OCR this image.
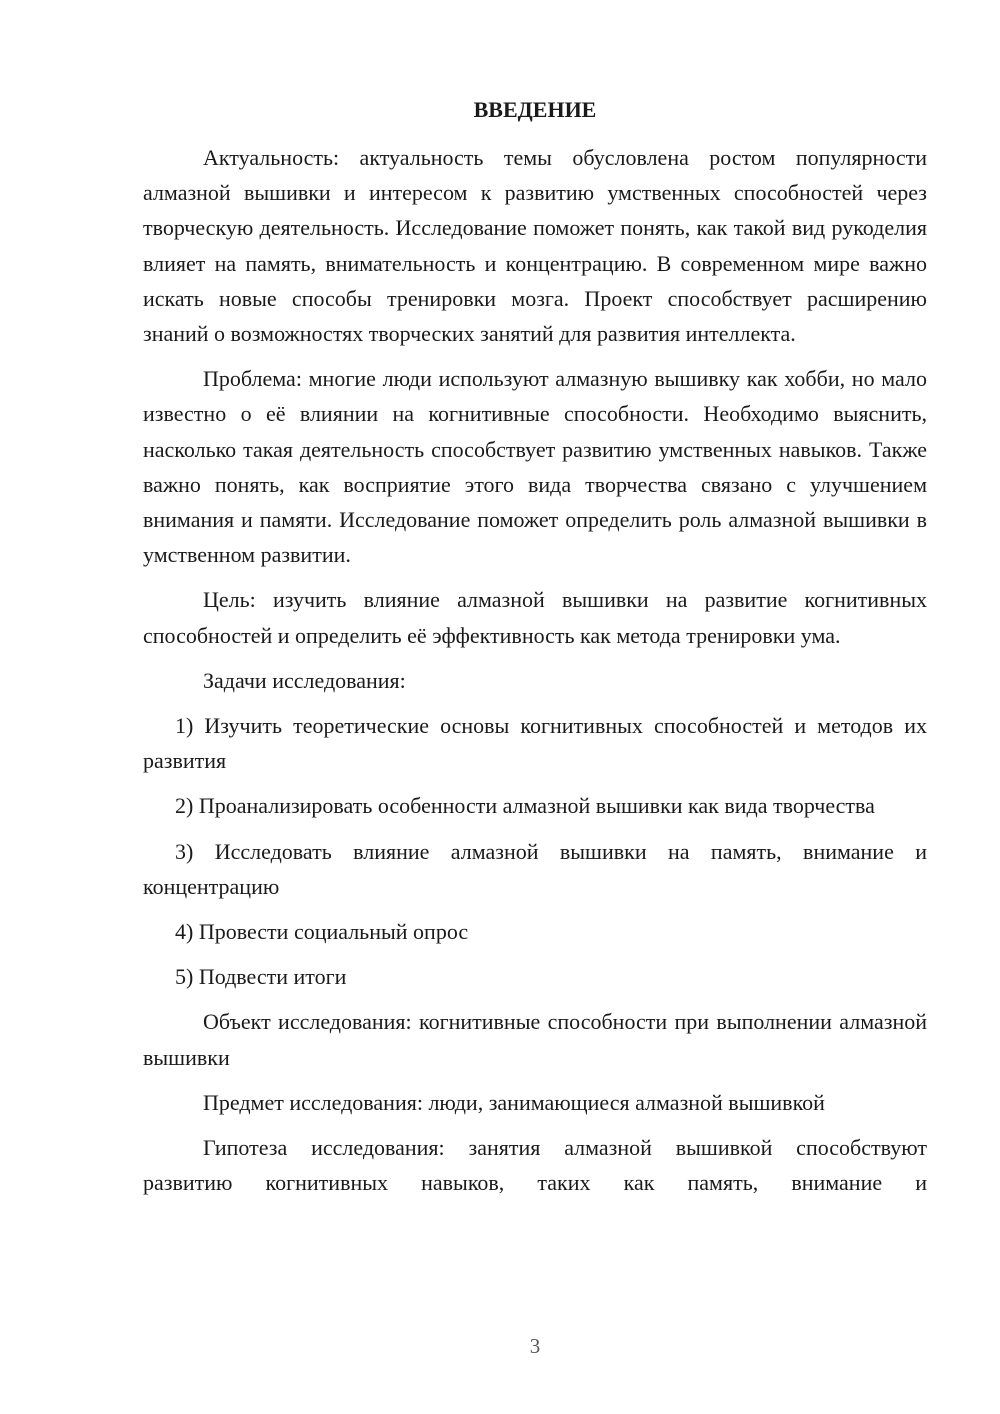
ВВЕДЕНИЕ

Актуальность: актуальность темы обусловлена ростом популярности алмазной вышивки и интересом к развитию умственных способностей через творческую деятельность. Исследование поможет понять, как такой вид рукоделия влияет на память, внимательность и концентрацию. В современном мире важно искать новые способы тренировки мозга. Проект способствует расширению знаний о возможностях творческих занятий для развития интеллекта.

Проблема: многие люди используют алмазную вышивку как хобби, но мало известно о её влиянии на когнитивные способности. Необходимо выяснить, насколько такая деятельность способствует развитию умственных навыков. Также важно понять, как восприятие этого вида творчества связано с улучшением внимания и памяти. Исследование поможет определить роль алмазной вышивки в умственном развитии.

Цель: изучить влияние алмазной вышивки на развитие когнитивных способностей и определить её эффективность как метода тренировки ума.

Задачи исследования:

1) Изучить теоретические основы когнитивных способностей и методов их развития

2) Проанализировать особенности алмазной вышивки как вида творчества

3) Исследовать влияние алмазной вышивки на память, внимание и концентрацию

4) Провести социальный опрос

5) Подвести итоги

Объект исследования: когнитивные способности при выполнении алмазной вышивки

Предмет исследования: люди, занимающиеся алмазной вышивкой

Гипотеза исследования: занятия алмазной вышивкой способствуют развитию когнитивных навыков, таких как память, внимание и

3
